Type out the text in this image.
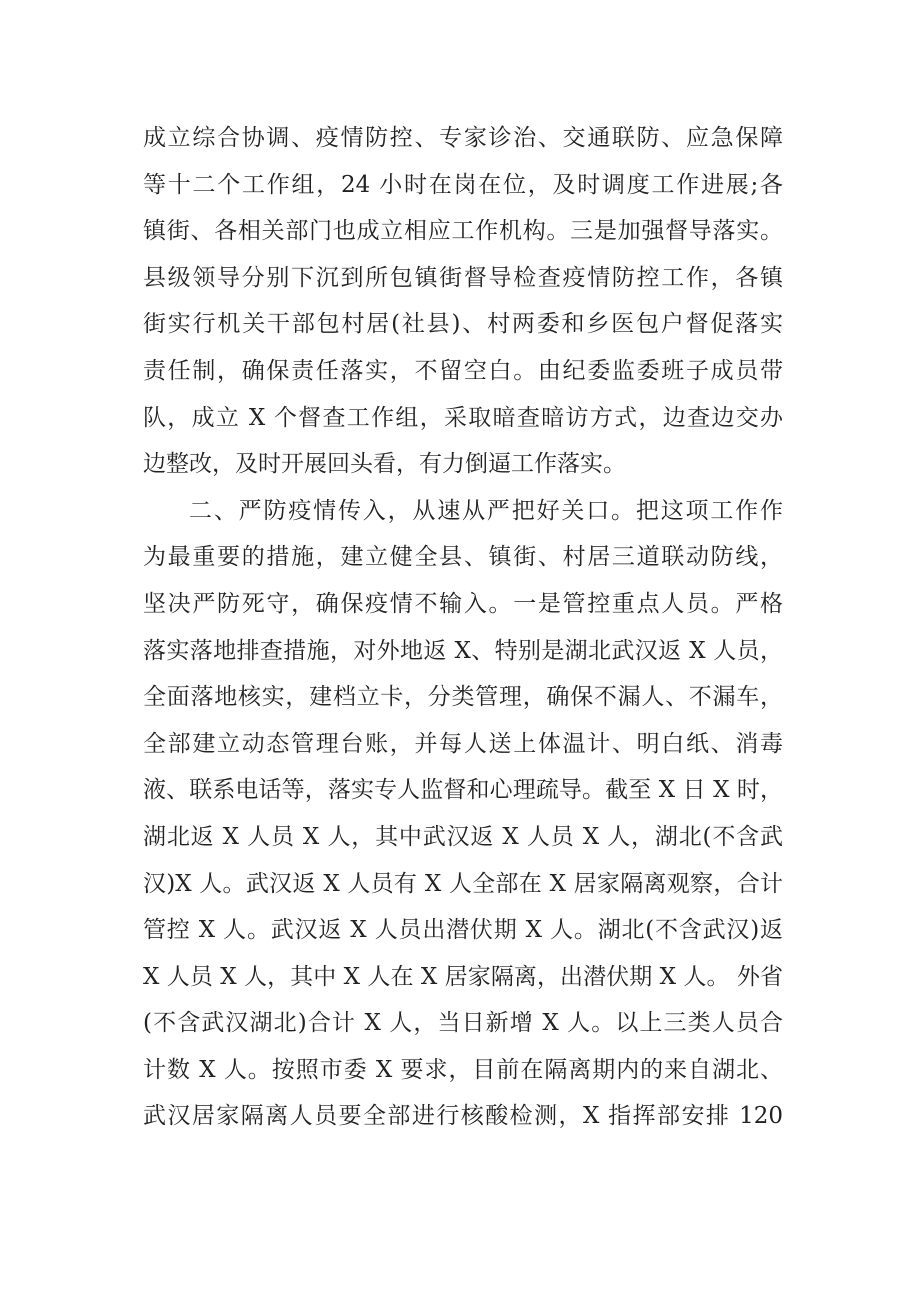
成立综合协调、疫情防控、专家诊治、交通联防、应急保障
等十二个工作组，24 小时在岗在位，及时调度工作进展;各
镇街、各相关部门也成立相应工作机构。三是加强督导落实。
县级领导分别下沉到所包镇街督导检查疫情防控工作，各镇
街实行机关干部包村居(社县)、村两委和乡医包户督促落实
责任制，确保责任落实，不留空白。由纪委监委班子成员带
队，成立 X 个督查工作组，采取暗查暗访方式，边查边交办
边整改，及时开展回头看，有力倒逼工作落实。
二、严防疫情传入，从速从严把好关口。把这项工作作
为最重要的措施，建立健全县、镇街、村居三道联动防线，
坚决严防死守，确保疫情不输入。一是管控重点人员。严格
落实落地排查措施，对外地返 X、特别是湖北武汉返 X 人员，
全面落地核实，建档立卡，分类管理，确保不漏人、不漏车，
全部建立动态管理台账，并每人送上体温计、明白纸、消毒
液、联系电话等，落实专人监督和心理疏导。截至 X 日 X 时，
湖北返 X 人员 X 人，其中武汉返 X 人员 X 人，湖北(不含武
汉)X 人。武汉返 X 人员有 X 人全部在 X 居家隔离观察，合计
管控 X 人。武汉返 X 人员出潜伏期 X 人。湖北(不含武汉)返
X 人员 X 人，其中 X 人在 X 居家隔离，出潜伏期 X 人。 外省
(不含武汉湖北)合计 X 人，当日新增 X 人。以上三类人员合
计数 X 人。按照市委 X 要求，目前在隔离期内的来自湖北、
武汉居家隔离人员要全部进行核酸检测，X 指挥部安排 120
